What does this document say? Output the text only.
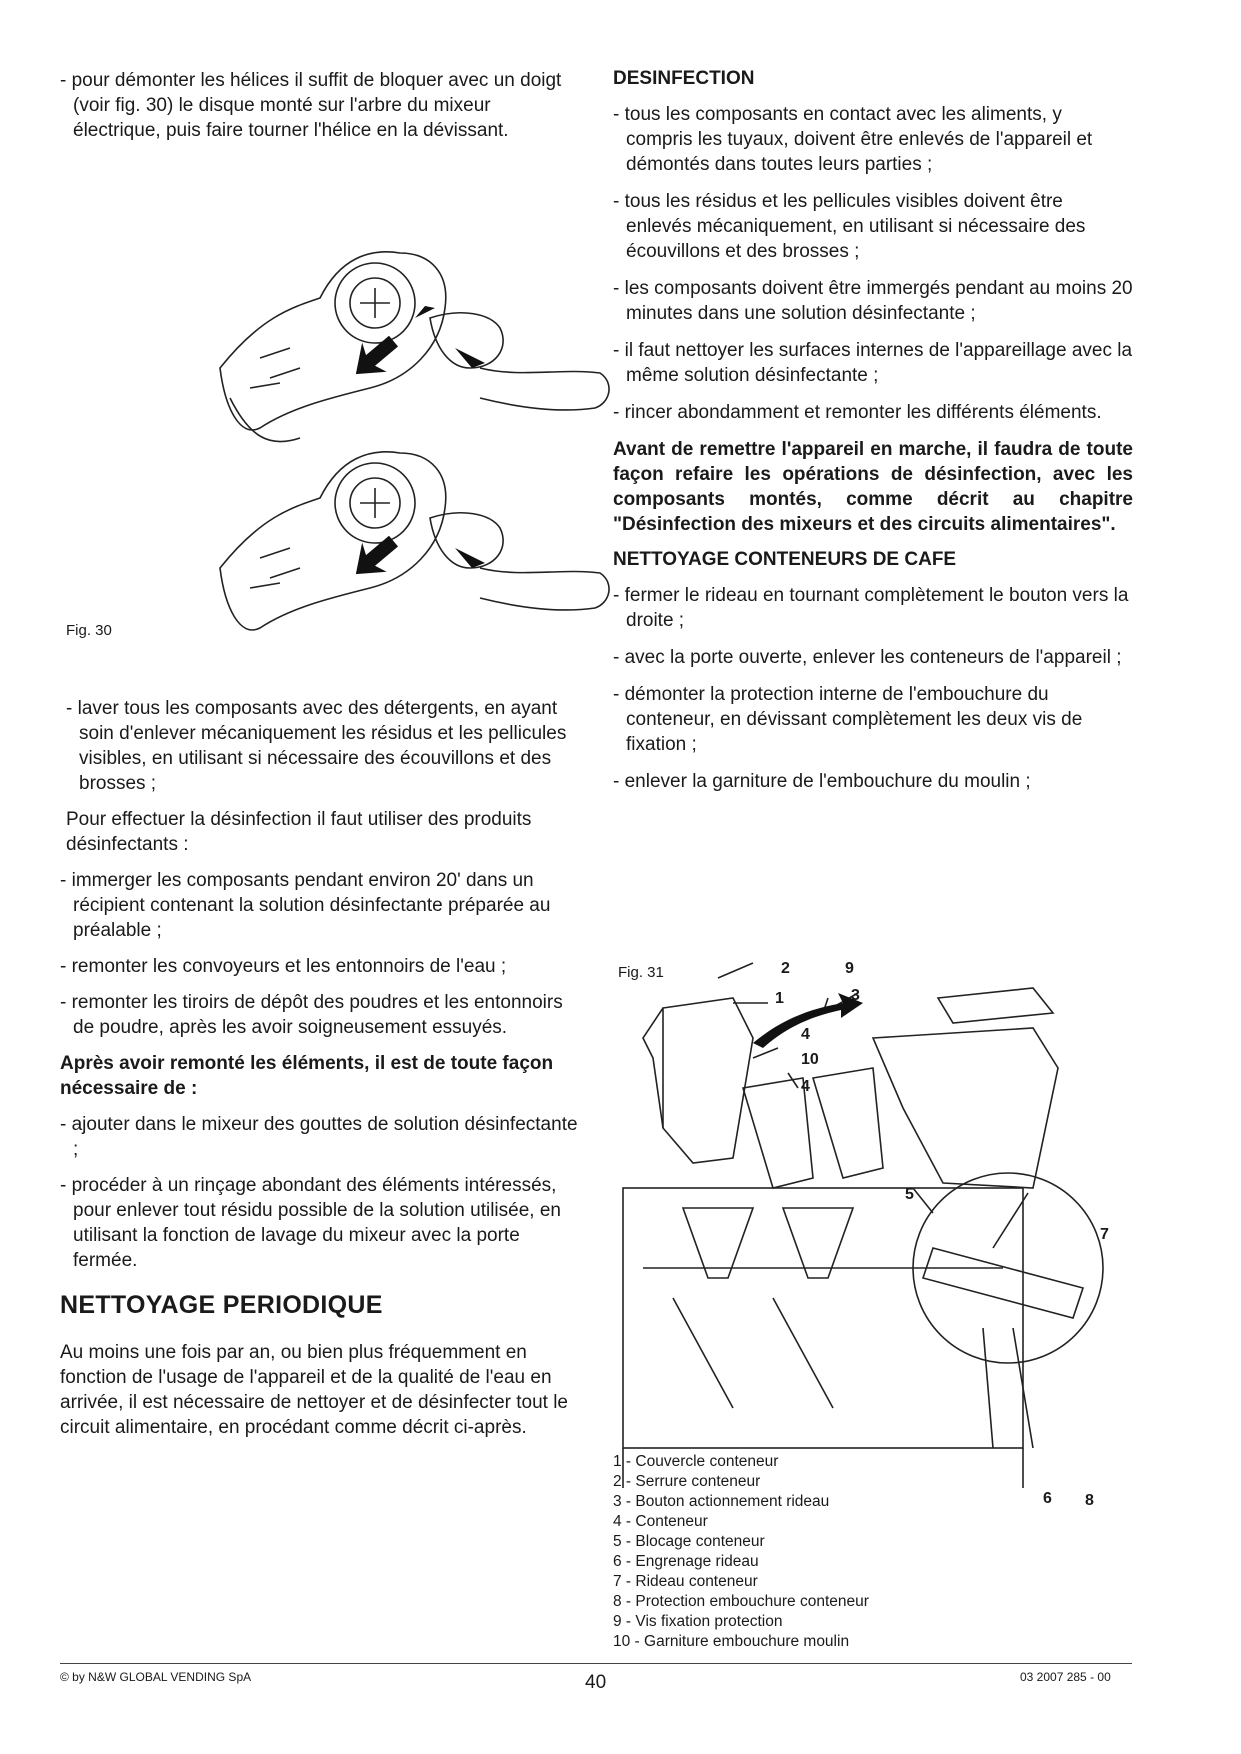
- pour démonter les hélices il suffit de bloquer avec un doigt (voir fig. 30) le disque monté sur l'arbre du mixeur électrique, puis faire tourner l'hélice en la dévissant.

Fig. 30

- laver tous les composants avec des détergents, en ayant soin d'enlever mécaniquement les résidus et les pellicules visibles, en utilisant si nécessaire des écouvillons et des brosses ;

Pour effectuer la désinfection il faut utiliser des produits désinfectants :

- immerger les composants pendant environ 20' dans un récipient contenant la solution désinfectante préparée au préalable ;

- remonter les convoyeurs et les entonnoirs de l'eau ;

- remonter les tiroirs de dépôt des poudres et les entonnoirs de poudre, après les avoir soigneusement essuyés.

Après avoir remonté les éléments, il est de toute façon nécessaire de :

- ajouter dans le mixeur des gouttes de solution désinfectante ;

- procéder à un rinçage abondant des éléments intéressés, pour enlever tout résidu possible de la solution utilisée, en utilisant la fonction de lavage du mixeur avec la porte fermée.

NETTOYAGE PERIODIQUE

Au moins une fois par an, ou bien plus fréquemment en fonction de l'usage de l'appareil et de la qualité de l'eau en arrivée, il est nécessaire de nettoyer et de désinfecter tout le circuit alimentaire, en procédant comme décrit ci-après.

DESINFECTION

- tous les composants en contact avec les aliments, y compris les tuyaux, doivent être enlevés de l'appareil et démontés dans toutes leurs parties ;

- tous les résidus et les pellicules visibles doivent être enlevés mécaniquement, en utilisant si nécessaire des écouvillons et des brosses ;

- les composants doivent être immergés pendant au moins 20 minutes dans une solution désinfectante ;

- il faut nettoyer les surfaces internes de l'appareillage avec la même solution désinfectante ;

- rincer abondamment et remonter les différents éléments.

Avant de remettre l'appareil en marche, il faudra de toute façon refaire les opérations de désinfection, avec les composants montés, comme décrit au chapitre "Désinfection des mixeurs et des circuits alimentaires".

NETTOYAGE CONTENEURS DE CAFE

- fermer le rideau en tournant complètement le bouton vers la droite ;

- avec la porte ouverte, enlever les conteneurs de l'appareil ;

- démonter la protection interne de l'embouchure du conteneur, en dévissant complètement les deux vis de fixation ;

- enlever la garniture de l'embouchure du moulin ;

Fig. 31	2
1
9
3
4
10
4
5
7
6 8
1 - Couvercle conteneur
2 - Serrure conteneur
3 - Bouton actionnement rideau
4 - Conteneur
5 - Blocage conteneur
6 - Engrenage rideau
7 - Rideau conteneur
8 - Protection embouchure conteneur
9 - Vis fixation protection
10 - Garniture embouchure moulin
© by N&W GLOBAL VENDING SpA	40	03 2007 285 - 00
